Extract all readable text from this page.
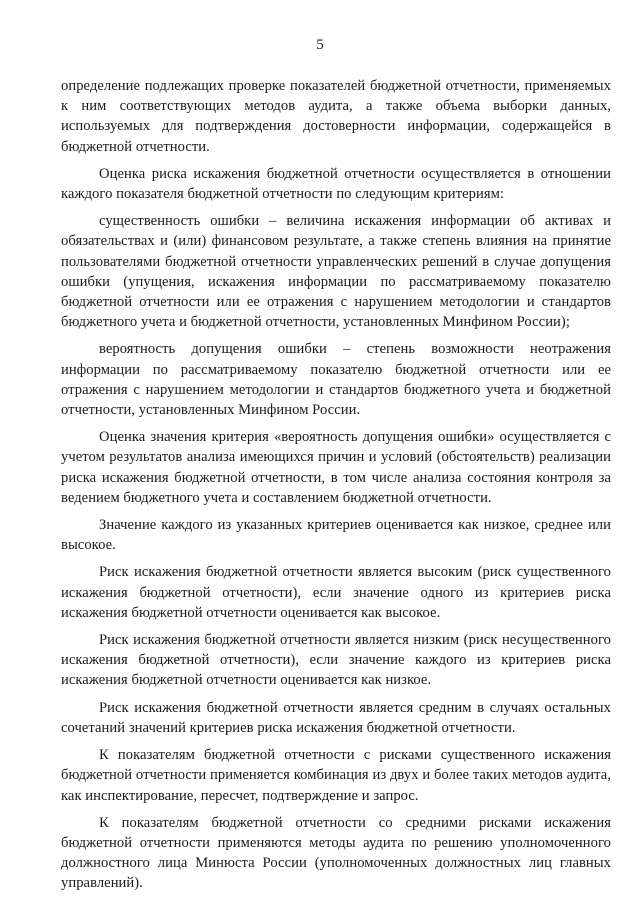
5

определение подлежащих проверке показателей бюджетной отчетности, применяемых к ним соответствующих методов аудита, а также объема выборки данных, используемых для подтверждения достоверности информации, содержащейся в бюджетной отчетности.

Оценка риска искажения бюджетной отчетности осуществляется в отношении каждого показателя бюджетной отчетности по следующим критериям:

существенность ошибки – величина искажения информации об активах и обязательствах и (или) финансовом результате, а также степень влияния на принятие пользователями бюджетной отчетности управленческих решений в случае допущения ошибки (упущения, искажения информации по рассматриваемому показателю бюджетной отчетности или ее отражения с нарушением методологии и стандартов бюджетного учета и бюджетной отчетности, установленных Минфином России);

вероятность допущения ошибки – степень возможности неотражения информации по рассматриваемому показателю бюджетной отчетности или ее отражения с нарушением методологии и стандартов бюджетного учета и бюджетной отчетности, установленных Минфином России.

Оценка значения критерия «вероятность допущения ошибки» осуществляется с учетом результатов анализа имеющихся причин и условий (обстоятельств) реализации риска искажения бюджетной отчетности, в том числе анализа состояния контроля за ведением бюджетного учета и составлением бюджетной отчетности.

Значение каждого из указанных критериев оценивается как низкое, среднее или высокое.

Риск искажения бюджетной отчетности является высоким (риск существенного искажения бюджетной отчетности), если значение одного из критериев риска искажения бюджетной отчетности оценивается как высокое.

Риск искажения бюджетной отчетности является низким (риск несущественного искажения бюджетной отчетности), если значение каждого из критериев риска искажения бюджетной отчетности оценивается как низкое.

Риск искажения бюджетной отчетности является средним в случаях остальных сочетаний значений критериев риска искажения бюджетной отчетности.

К показателям бюджетной отчетности с рисками существенного искажения бюджетной отчетности применяется комбинация из двух и более таких методов аудита, как инспектирование, пересчет, подтверждение и запрос.

К показателям бюджетной отчетности со средними рисками искажения бюджетной отчетности применяются методы аудита по решению уполномоченного должностного лица Минюста России (уполномоченных должностных лиц главных управлений).
